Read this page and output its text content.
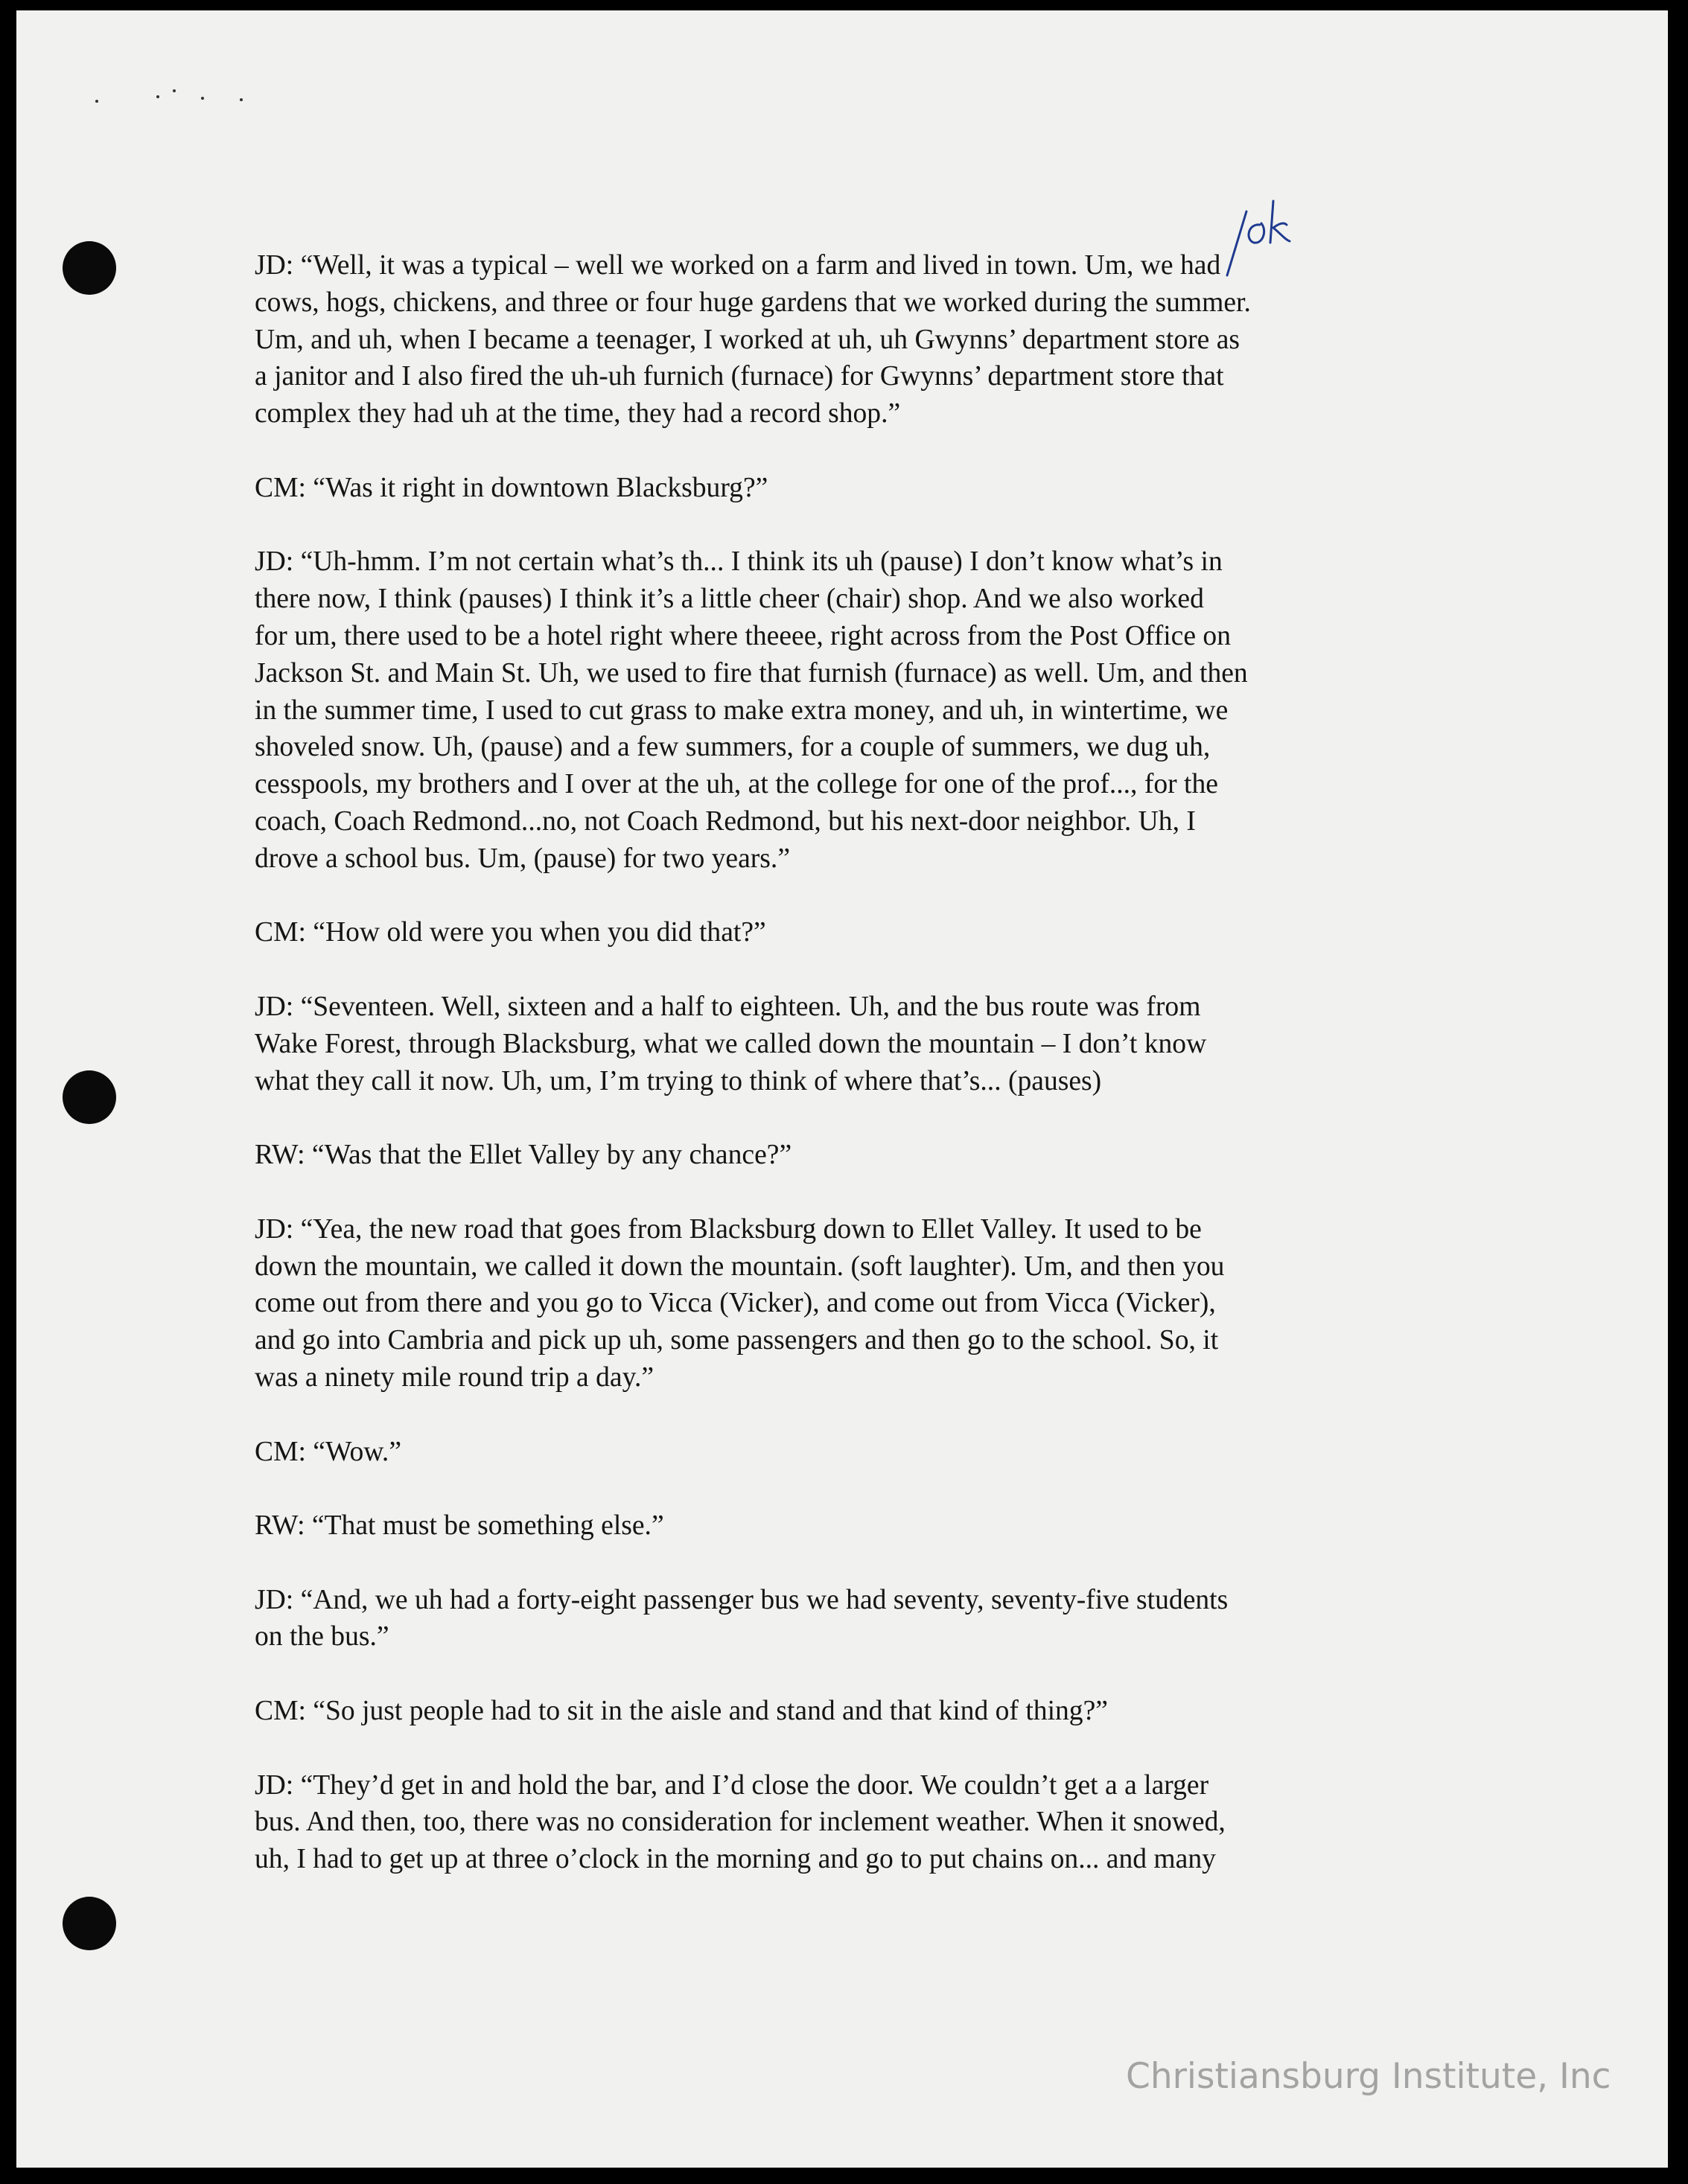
JD: “Well, it was a typical – well we worked on a farm and lived in town. Um, we had
cows, hogs, chickens, and three or four huge gardens that we worked during the summer.
Um, and uh, when I became a teenager, I worked at uh, uh Gwynns’ department store as
a janitor and I also fired the uh-uh furnich (furnace) for Gwynns’ department store that
complex they had uh at the time, they had a record shop.”
CM: “Was it right in downtown Blacksburg?”
JD: “Uh-hmm. I’m not certain what’s th... I think its uh (pause) I don’t know what’s in
there now, I think (pauses) I think it’s a little cheer (chair) shop. And we also worked
for um, there used to be a hotel right where theeee, right across from the Post Office on
Jackson St. and Main St. Uh, we used to fire that furnish (furnace) as well. Um, and then
in the summer time, I used to cut grass to make extra money, and uh, in wintertime, we
shoveled snow. Uh, (pause) and a few summers, for a couple of summers, we dug uh,
cesspools, my brothers and I over at the uh, at the college for one of the prof..., for the
coach, Coach Redmond...no, not Coach Redmond, but his next-door neighbor. Uh, I
drove a school bus. Um, (pause) for two years.”
CM: “How old were you when you did that?”
JD: “Seventeen. Well, sixteen and a half to eighteen. Uh, and the bus route was from
Wake Forest, through Blacksburg, what we called down the mountain – I don’t know
what they call it now. Uh, um, I’m trying to think of where that’s... (pauses)
RW: “Was that the Ellet Valley by any chance?”
JD: “Yea, the new road that goes from Blacksburg down to Ellet Valley. It used to be
down the mountain, we called it down the mountain. (soft laughter). Um, and then you
come out from there and you go to Vicca (Vicker), and come out from Vicca (Vicker),
and go into Cambria and pick up uh, some passengers and then go to the school. So, it
was a ninety mile round trip a day.”
CM: “Wow.”
RW: “That must be something else.”
JD: “And, we uh had a forty-eight passenger bus we had seventy, seventy-five students
on the bus.”
CM: “So just people had to sit in the aisle and stand and that kind of thing?”
JD: “They’d get in and hold the bar, and I’d close the door. We couldn’t get a a larger
bus. And then, too, there was no consideration for inclement weather. When it snowed,
uh, I had to get up at three o’clock in the morning and go to put chains on... and many
Christiansburg Institute, Inc
